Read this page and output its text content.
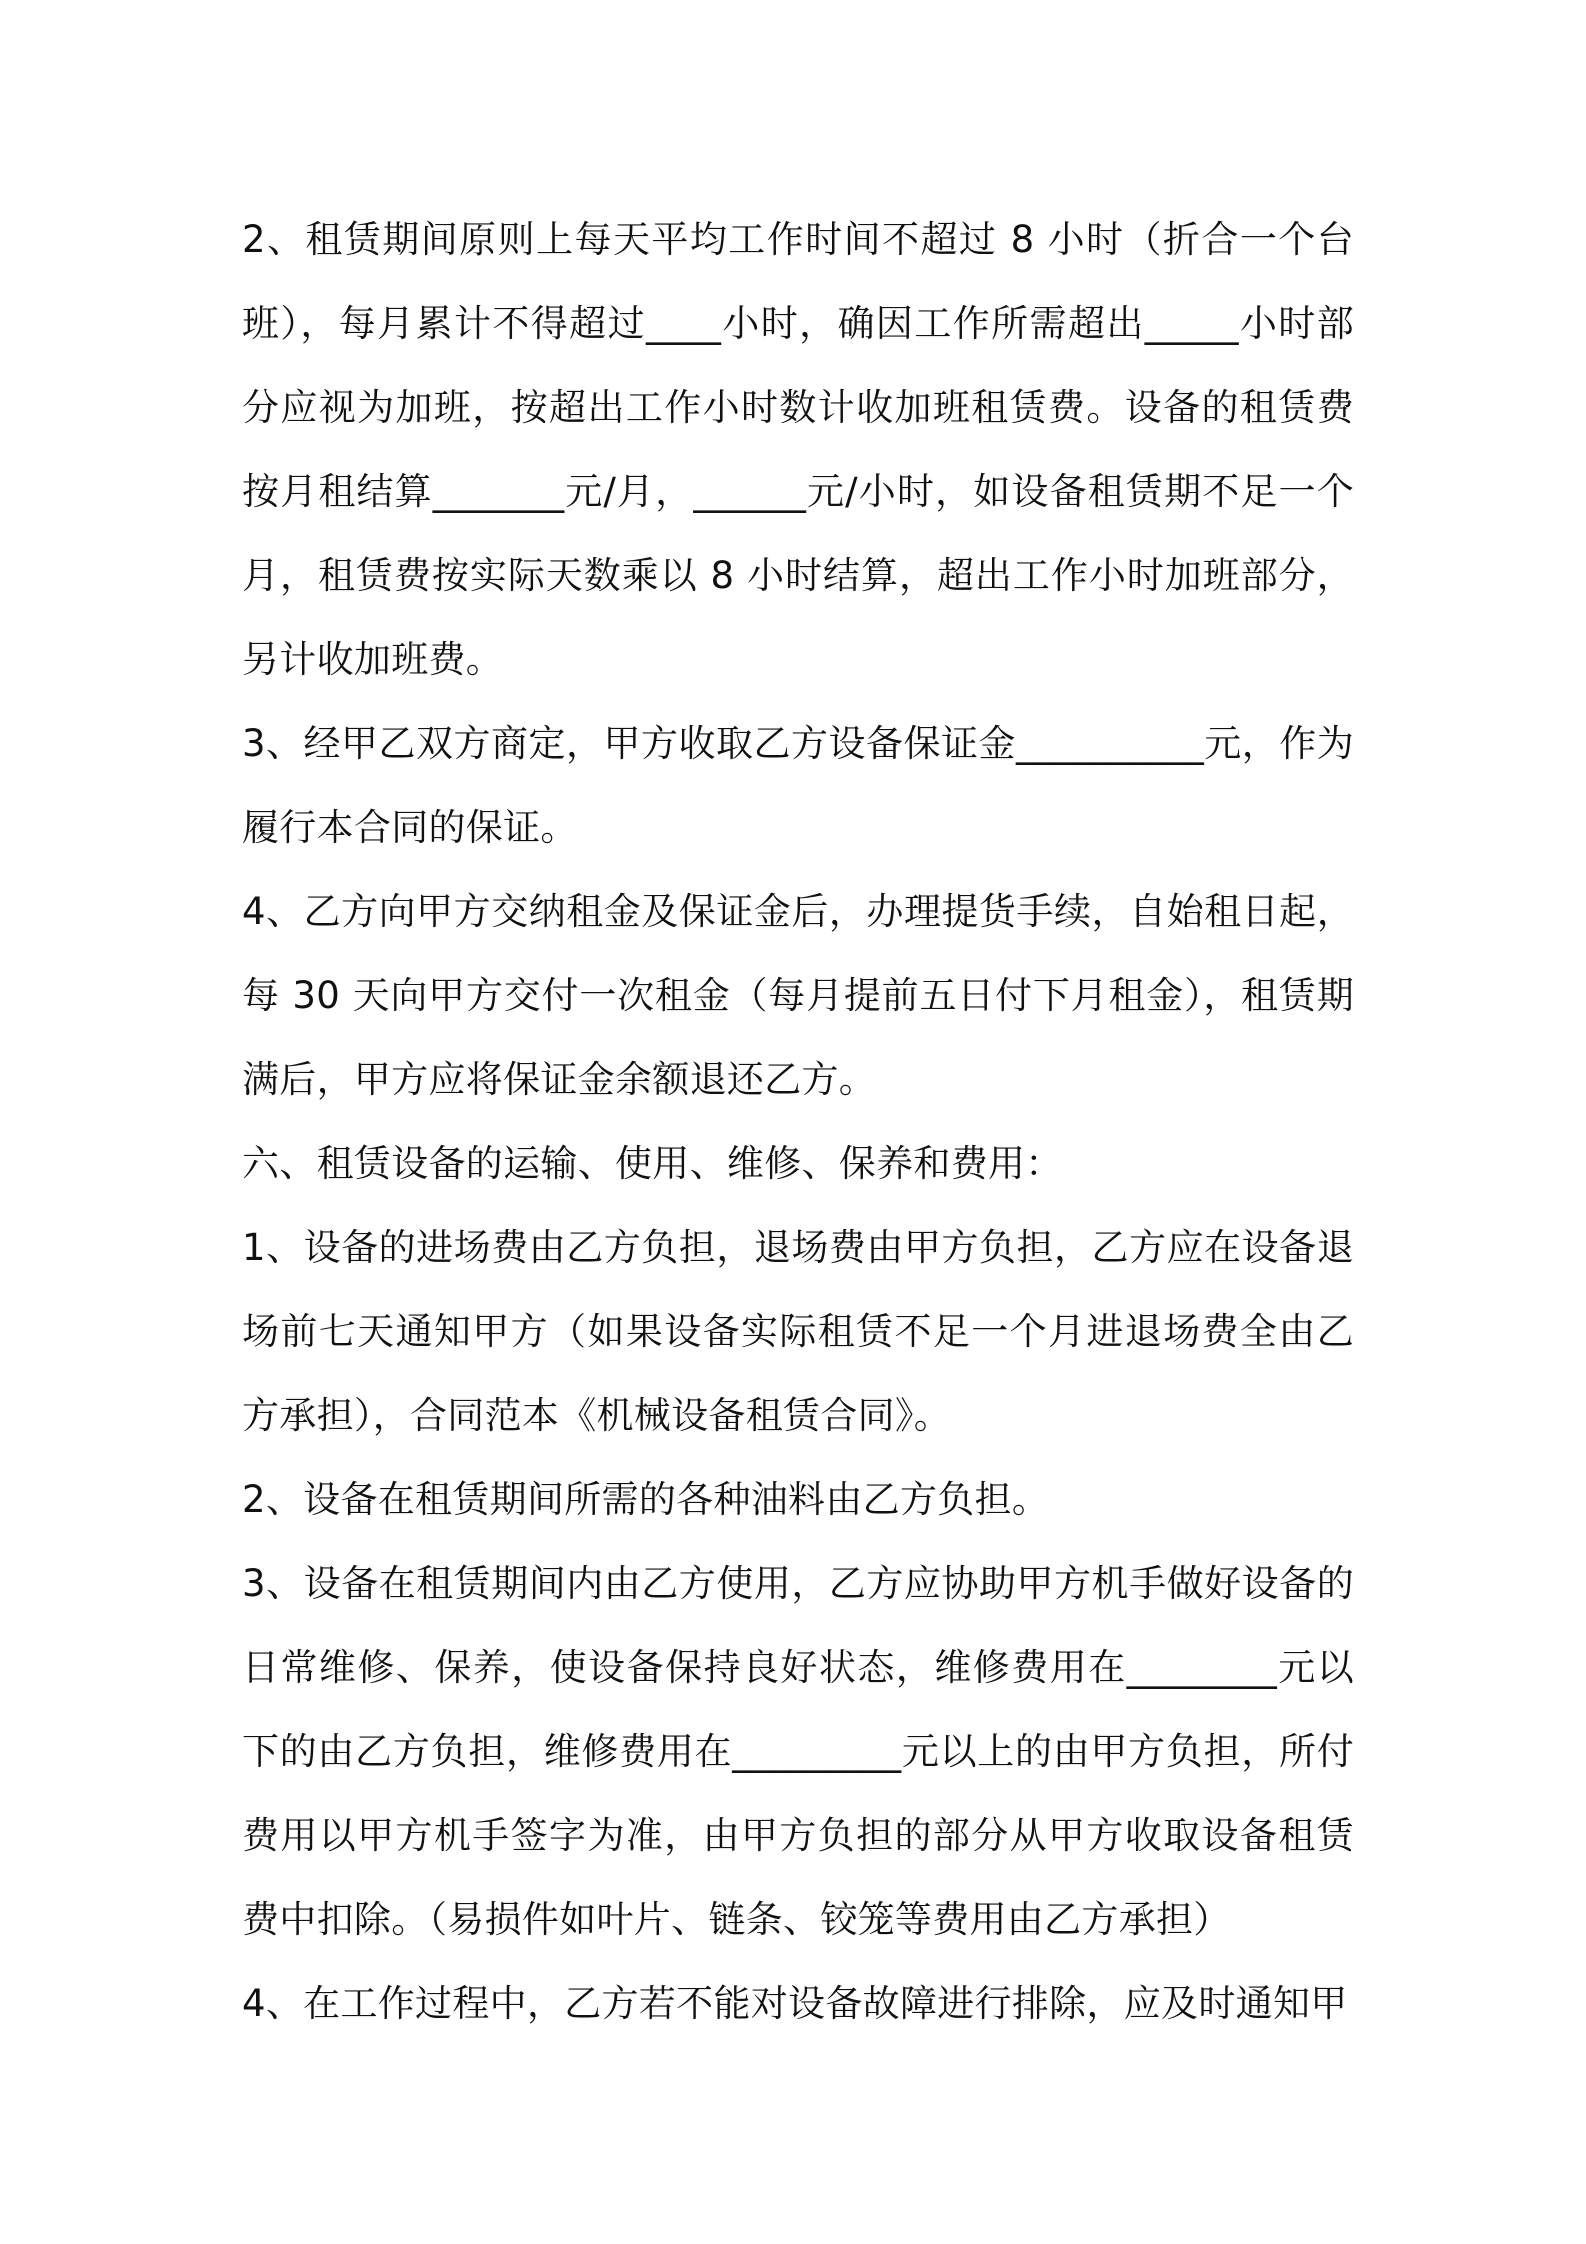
2、租赁期间原则上每天平均工作时间不超过 8 小时（折合一个台班），每月累计不得超过____小时，确因工作所需超出_____小时部分应视为加班，按超出工作小时数计收加班租赁费。设备的租赁费按月租结算_______元/月，______元/小时，如设备租赁期不足一个月，租赁费按实际天数乘以 8 小时结算，超出工作小时加班部分，另计收加班费。

3、经甲乙双方商定，甲方收取乙方设备保证金__________元，作为履行本合同的保证。

4、乙方向甲方交纳租金及保证金后，办理提货手续，自始租日起，每 30 天向甲方交付一次租金（每月提前五日付下月租金），租赁期满后，甲方应将保证金余额退还乙方。

六、租赁设备的运输、使用、维修、保养和费用：

1、设备的进场费由乙方负担，退场费由甲方负担，乙方应在设备退场前七天通知甲方（如果设备实际租赁不足一个月进退场费全由乙方承担），合同范本《机械设备租赁合同》。

2、设备在租赁期间所需的各种油料由乙方负担。

3、设备在租赁期间内由乙方使用，乙方应协助甲方机手做好设备的日常维修、保养，使设备保持良好状态，维修费用在________元以下的由乙方负担，维修费用在_________元以上的由甲方负担，所付费用以甲方机手签字为准，由甲方负担的部分从甲方收取设备租赁费中扣除。（易损件如叶片、链条、铰笼等费用由乙方承担）

4、在工作过程中，乙方若不能对设备故障进行排除，应及时通知甲
